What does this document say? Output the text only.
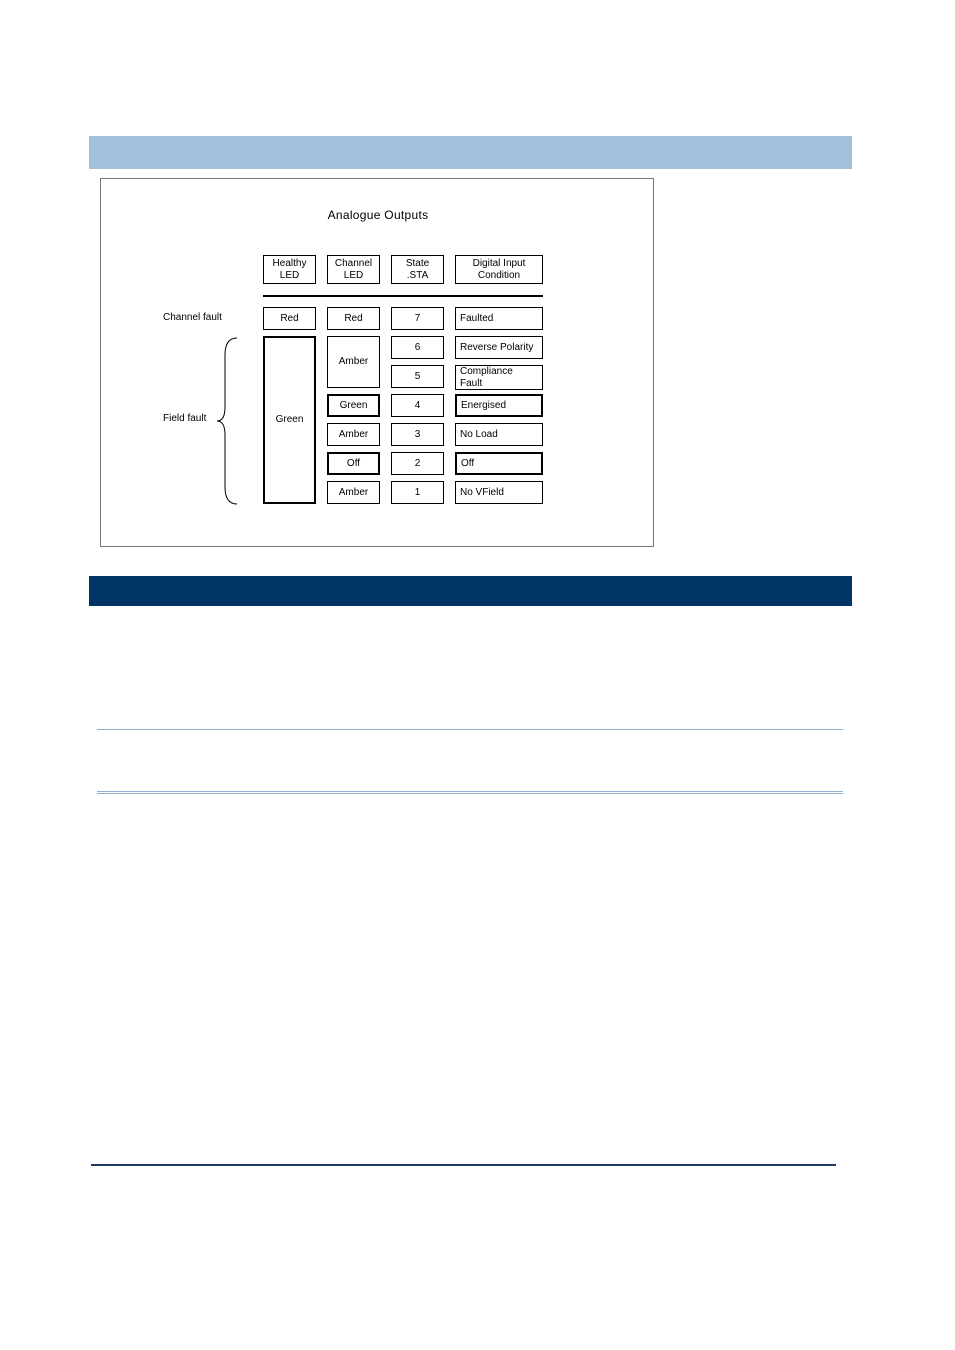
Analogue Outputs
Healthy
LED
Channel
LED
State
.STA
Digital Input
Condition
Channel fault
Field fault
Red
Green
Red
Amber
Green
Amber
Off
Amber
7
6
5
4
3
2
1
Faulted
Reverse Polarity
Compliance
Fault
Energised
No Load
Off
No VField
